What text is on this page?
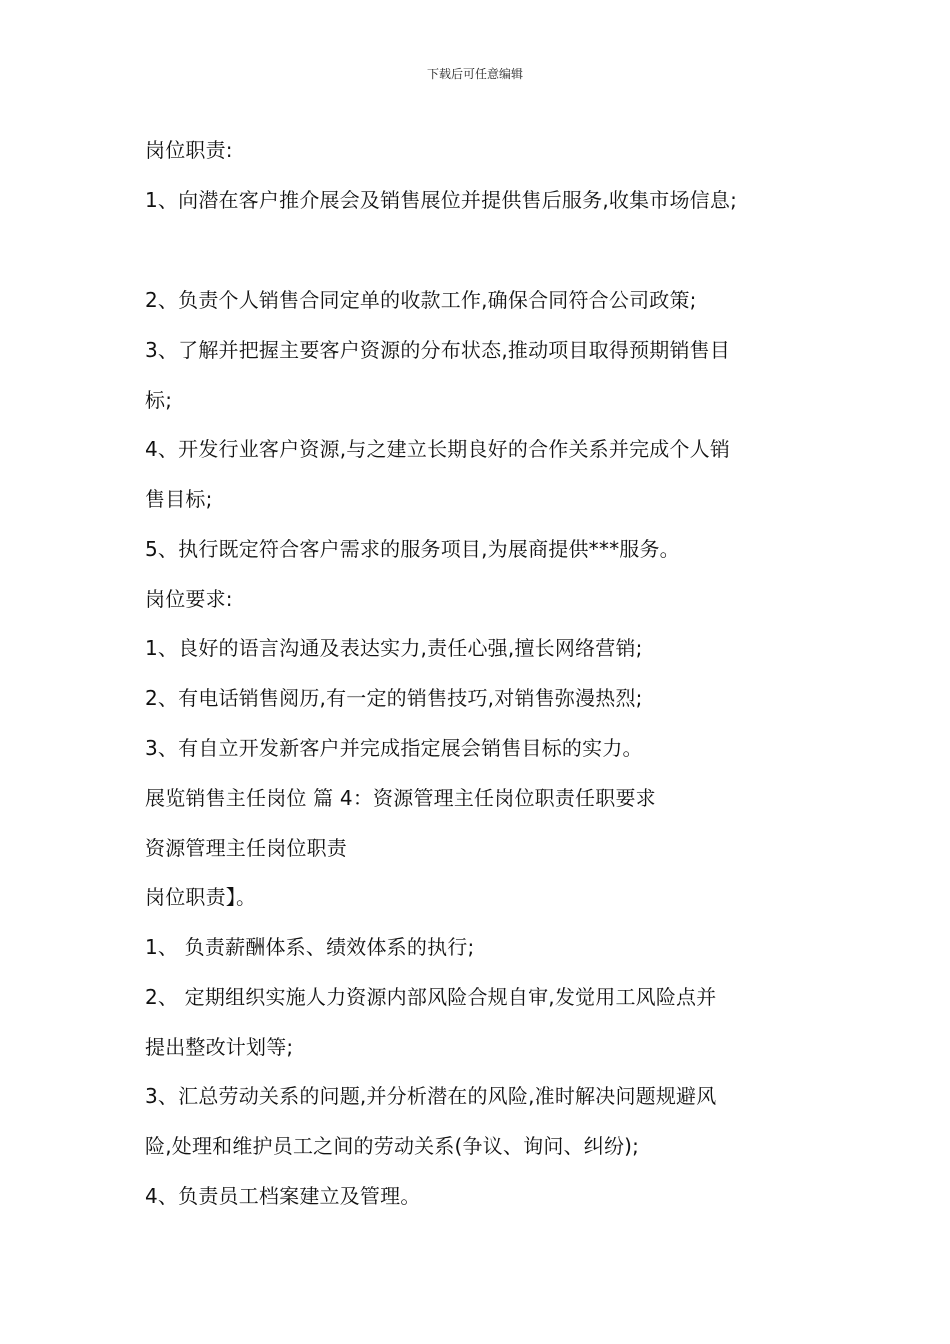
下载后可任意编辑
岗位职责:
1、向潜在客户推介展会及销售展位并提供售后服务,收集市场信息;
2、负责个人销售合同定单的收款工作,确保合同符合公司政策;
3、了解并把握主要客户资源的分布状态,推动项目取得预期销售目
标;
4、开发行业客户资源,与之建立长期良好的合作关系并完成个人销
售目标;
5、执行既定符合客户需求的服务项目,为展商提供***服务。
岗位要求:
1、良好的语言沟通及表达实力,责任心强,擅长网络营销;
2、有电话销售阅历,有一定的销售技巧,对销售弥漫热烈;
3、有自立开发新客户并完成指定展会销售目标的实力。
展览销售主任岗位 篇 4：资源管理主任岗位职责任职要求
资源管理主任岗位职责
岗位职责】。
1、 负责薪酬体系、绩效体系的执行;
2、 定期组织实施人力资源内部风险合规自审,发觉用工风险点并
提出整改计划等;
3、汇总劳动关系的问题,并分析潜在的风险,准时解决问题规避风
险,处理和维护员工之间的劳动关系(争议、询问、纠纷);
4、负责员工档案建立及管理。
